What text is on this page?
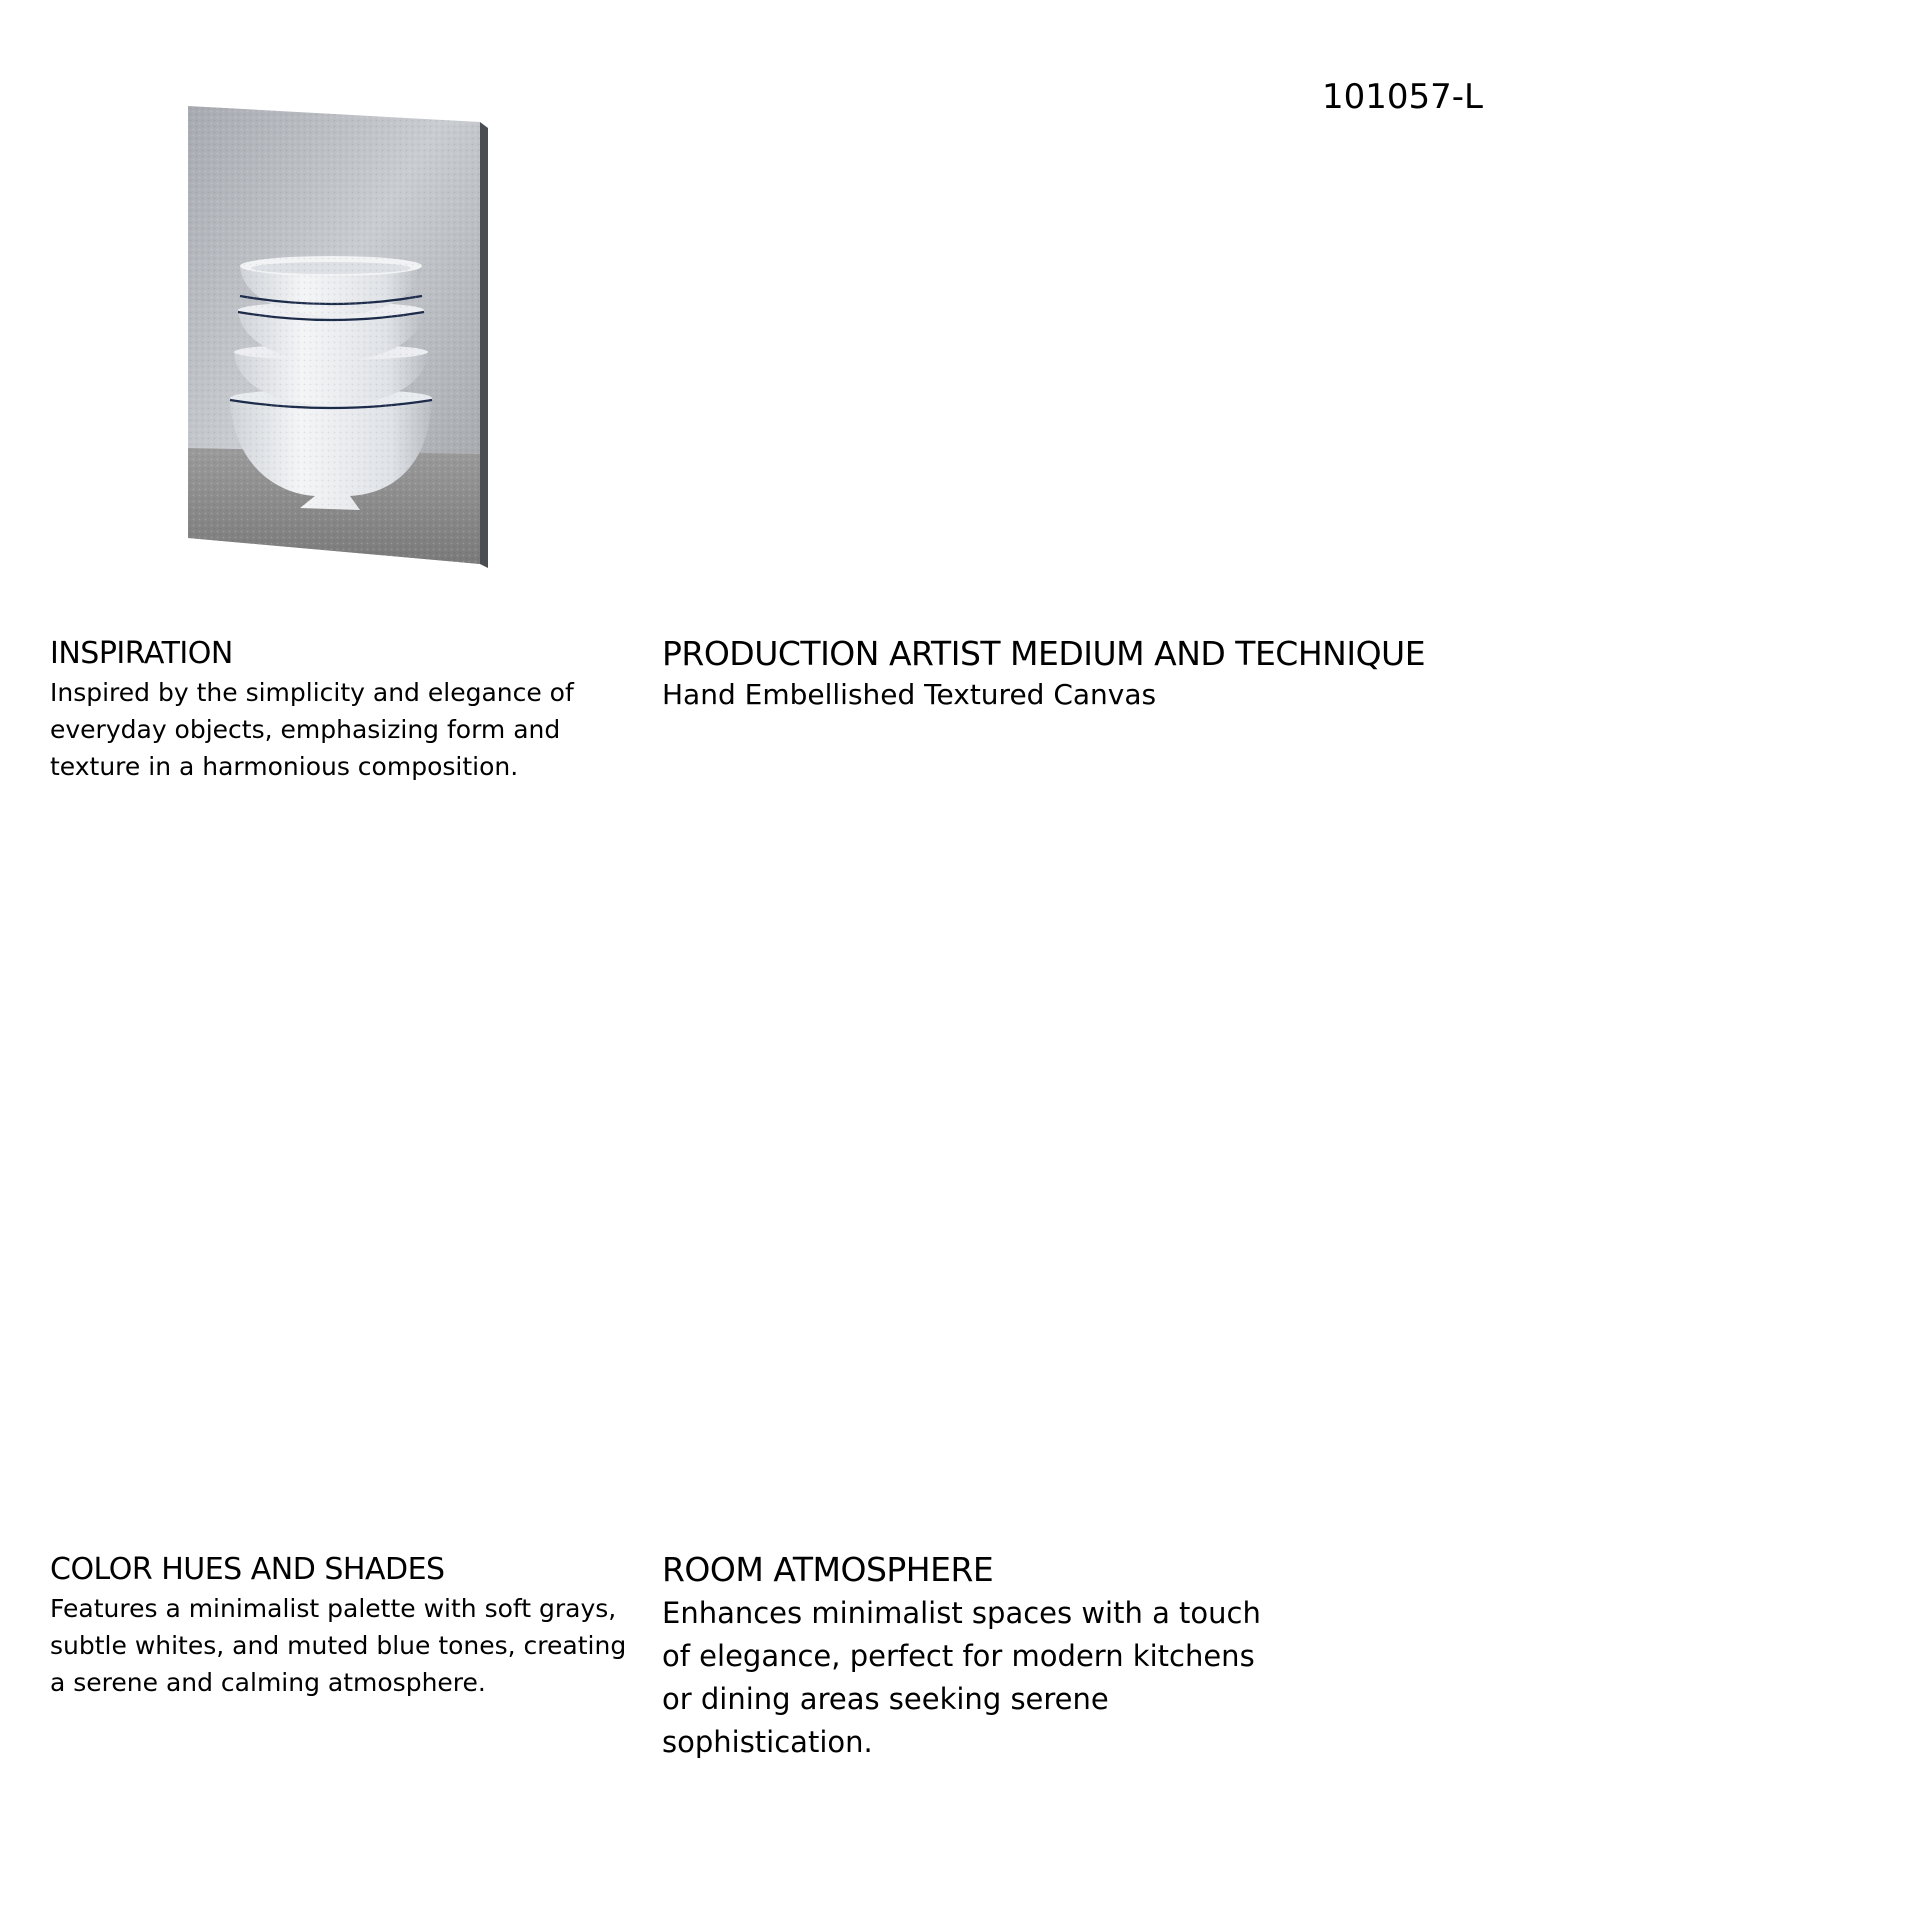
101057-L
INSPIRATION

Inspired by the simplicity and elegance of everyday objects, emphasizing form and texture in a harmonious composition.

PRODUCTION ARTIST MEDIUM AND TECHNIQUE

Hand Embellished Textured Canvas

COLOR HUES AND SHADES

Features a minimalist palette with soft grays, subtle whites, and muted blue tones, creating a serene and calming atmosphere.

ROOM ATMOSPHERE

Enhances minimalist spaces with a touch of elegance, perfect for modern kitchens or dining areas seeking serene sophistication.
